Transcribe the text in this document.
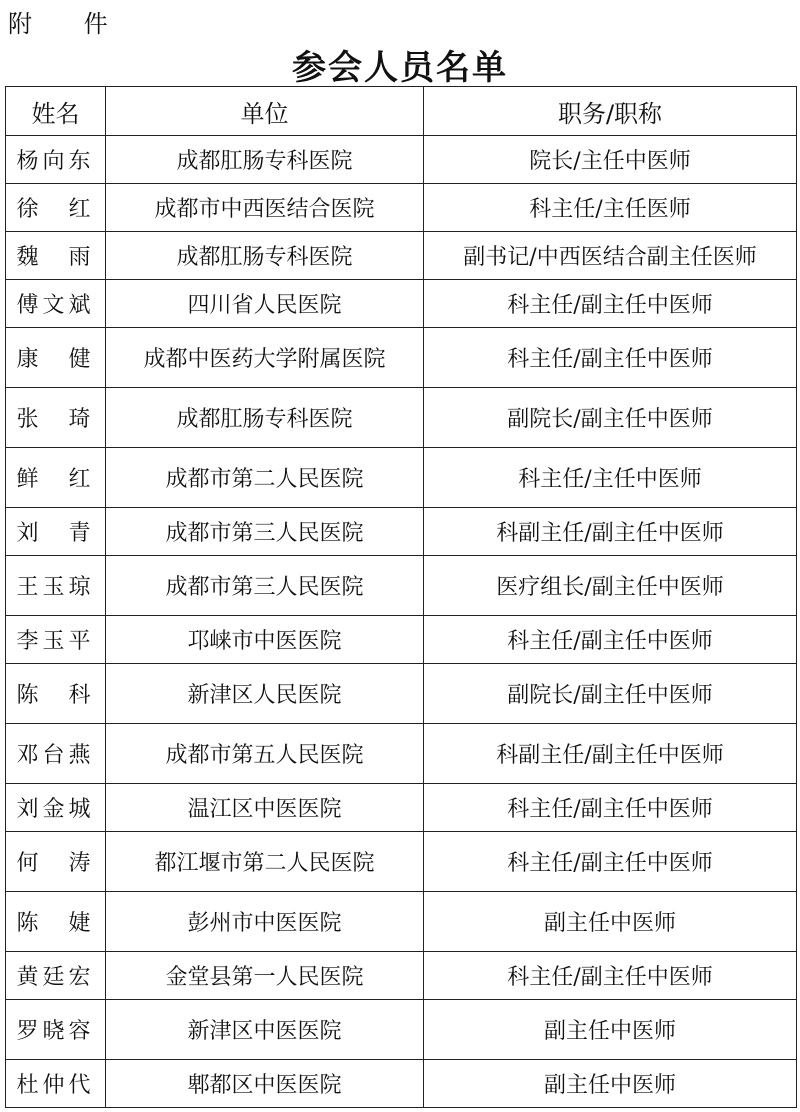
附 件
参会人员名单
姓名	单位	职务/职称
杨向东	成都肛肠专科医院	院长/主任中医师
徐　红	成都市中西医结合医院	科主任/主任医师
魏　雨	成都肛肠专科医院	副书记/中西医结合副主任医师
傅文斌	四川省人民医院	科主任/副主任中医师
康　健	成都中医药大学附属医院	科主任/副主任中医师
张　琦	成都肛肠专科医院	副院长/副主任中医师
鲜　红	成都市第二人民医院	科主任/主任中医师
刘　青	成都市第三人民医院	科副主任/副主任中医师
王玉琼	成都市第三人民医院	医疗组长/副主任中医师
李玉平	邛崃市中医医院	科主任/副主任中医师
陈　科	新津区人民医院	副院长/副主任中医师
邓台燕	成都市第五人民医院	科副主任/副主任中医师
刘金城	温江区中医医院	科主任/副主任中医师
何　涛	都江堰市第二人民医院	科主任/副主任中医师
陈　婕	彭州市中医医院	副主任中医师
黄廷宏	金堂县第一人民医院	科主任/副主任中医师
罗晓容	新津区中医医院	副主任中医师
杜仲代	郫都区中医医院	副主任中医师
